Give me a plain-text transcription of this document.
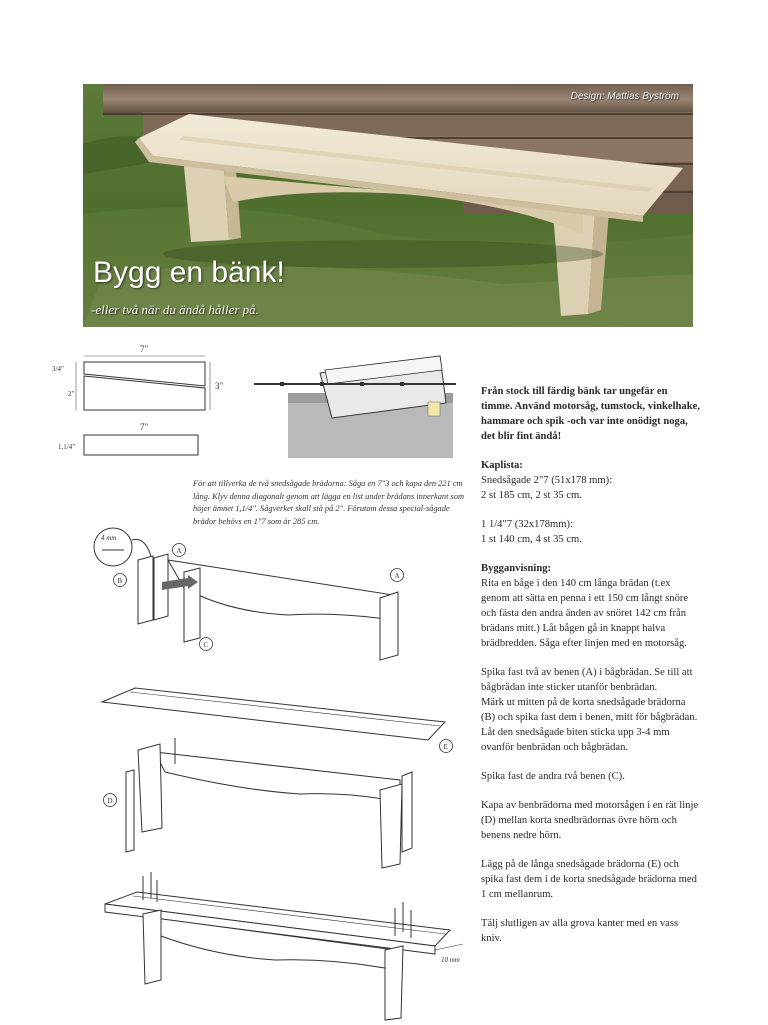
Design: Mattias Byström
Bygg en bänk!
-eller två när du ändå håller på.
7"
3/4"
2"
3"
7"
1,1/4"
För att tillverka de två snedsågade brädorna: Såga en 7"3 och kapa den 221 cm lång. Klyv denna diagonalt genom att lägga en list under brädans innerkant som höjer ämnet 1,1/4". Sågverket skall stå på 2". Förutom dessa special-sågade brädor behövs en 1"7 som är 285 cm.
4 mm
A
B
C
A
E
D
10 mm

Från stock till färdig bänk tar ungefär en timme. Använd motorsåg, tumstock, vinkelhake, hammare och spik -och var inte onödigt noga, det blir fint ändå!

Kaplista:

Snedsågade 2"7 (51x178 mm):

2 st 185 cm, 2 st 35 cm.

1 1/4"7 (32x178mm):

1 st 140 cm, 4 st 35 cm.

Bygganvisning:

Rita en båge i den 140 cm långa brädan (t.ex genom att sätta en penna i ett 150 cm långt snöre och fästa den andra änden av snöret 142 cm från brädans mitt.) Låt bågen gå in knappt halva brädbredden. Såga efter linjen med en motorsåg.

Spika fast två av benen (A) i bågbrädan. Se till att bågbrädan inte sticker utanför benbrädan.
Märk ut mitten på de korta snedsågade brädorna (B) och spika fast dem i benen, mitt för bågbrädan. Låt den snedsågade biten sticka upp 3-4 mm ovanför benbrädan och bågbrädan.

Spika fast de andra två benen (C).

Kapa av benbrädorna med motorsågen i en rät linje (D) mellan korta snedbrädornas övre hörn och benens nedre hörn.

Lägg på de långa snedsågade brädorna (E) och spika fast dem i de korta snedsågade brädorna med 1 cm mellanrum.

Tälj slutligen av alla grova kanter med en vass kniv.
